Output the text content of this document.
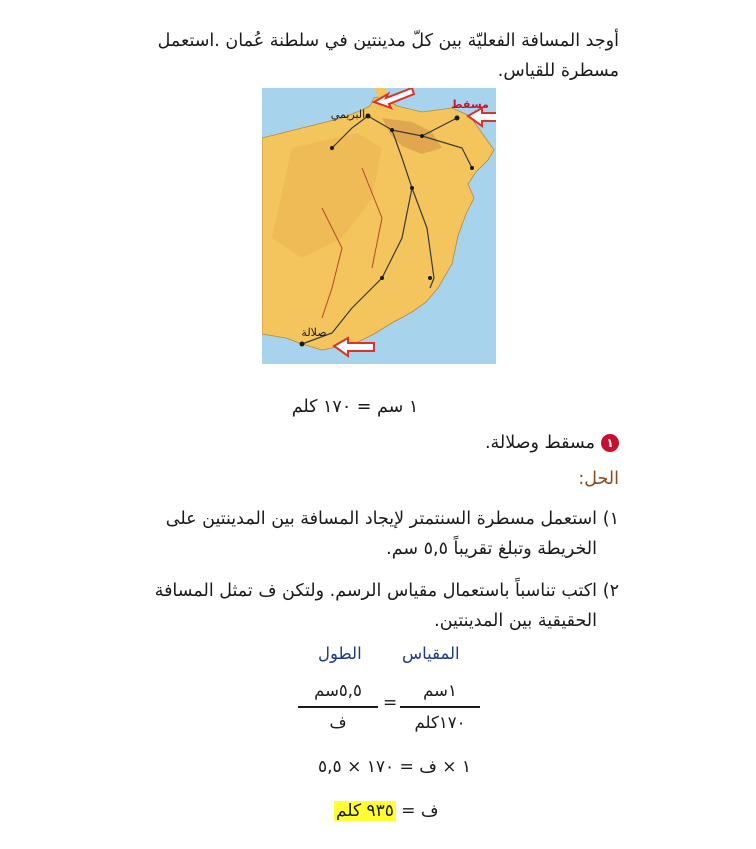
أوجد المسافة الفعليّة بين كلّ مدينتين في سلطنة عُمان .استعمل مسطرة للقياس.
البريمي
مسقط
صلالة
١ سم = ١٧٠ كلم
١
مسقط وصلالة.
الحل:
١)استعمل مسطرة السنتمتر لإيجاد المسافة بين المدينتين على
الخريطة وتبلغ تقريباً ٥,٥ سم.
٢)اكتب تناسباً باستعمال مقياس الرسم. ولتكن ف تمثل المسافة
الحقيقية بين المدينتين.
المقياس
الطول
١سم
١٧٠كلم
=
٥,٥سم
ف
١ × ف = ١٧٠ × ٥,٥
ف = ٩٣٥ كلم
